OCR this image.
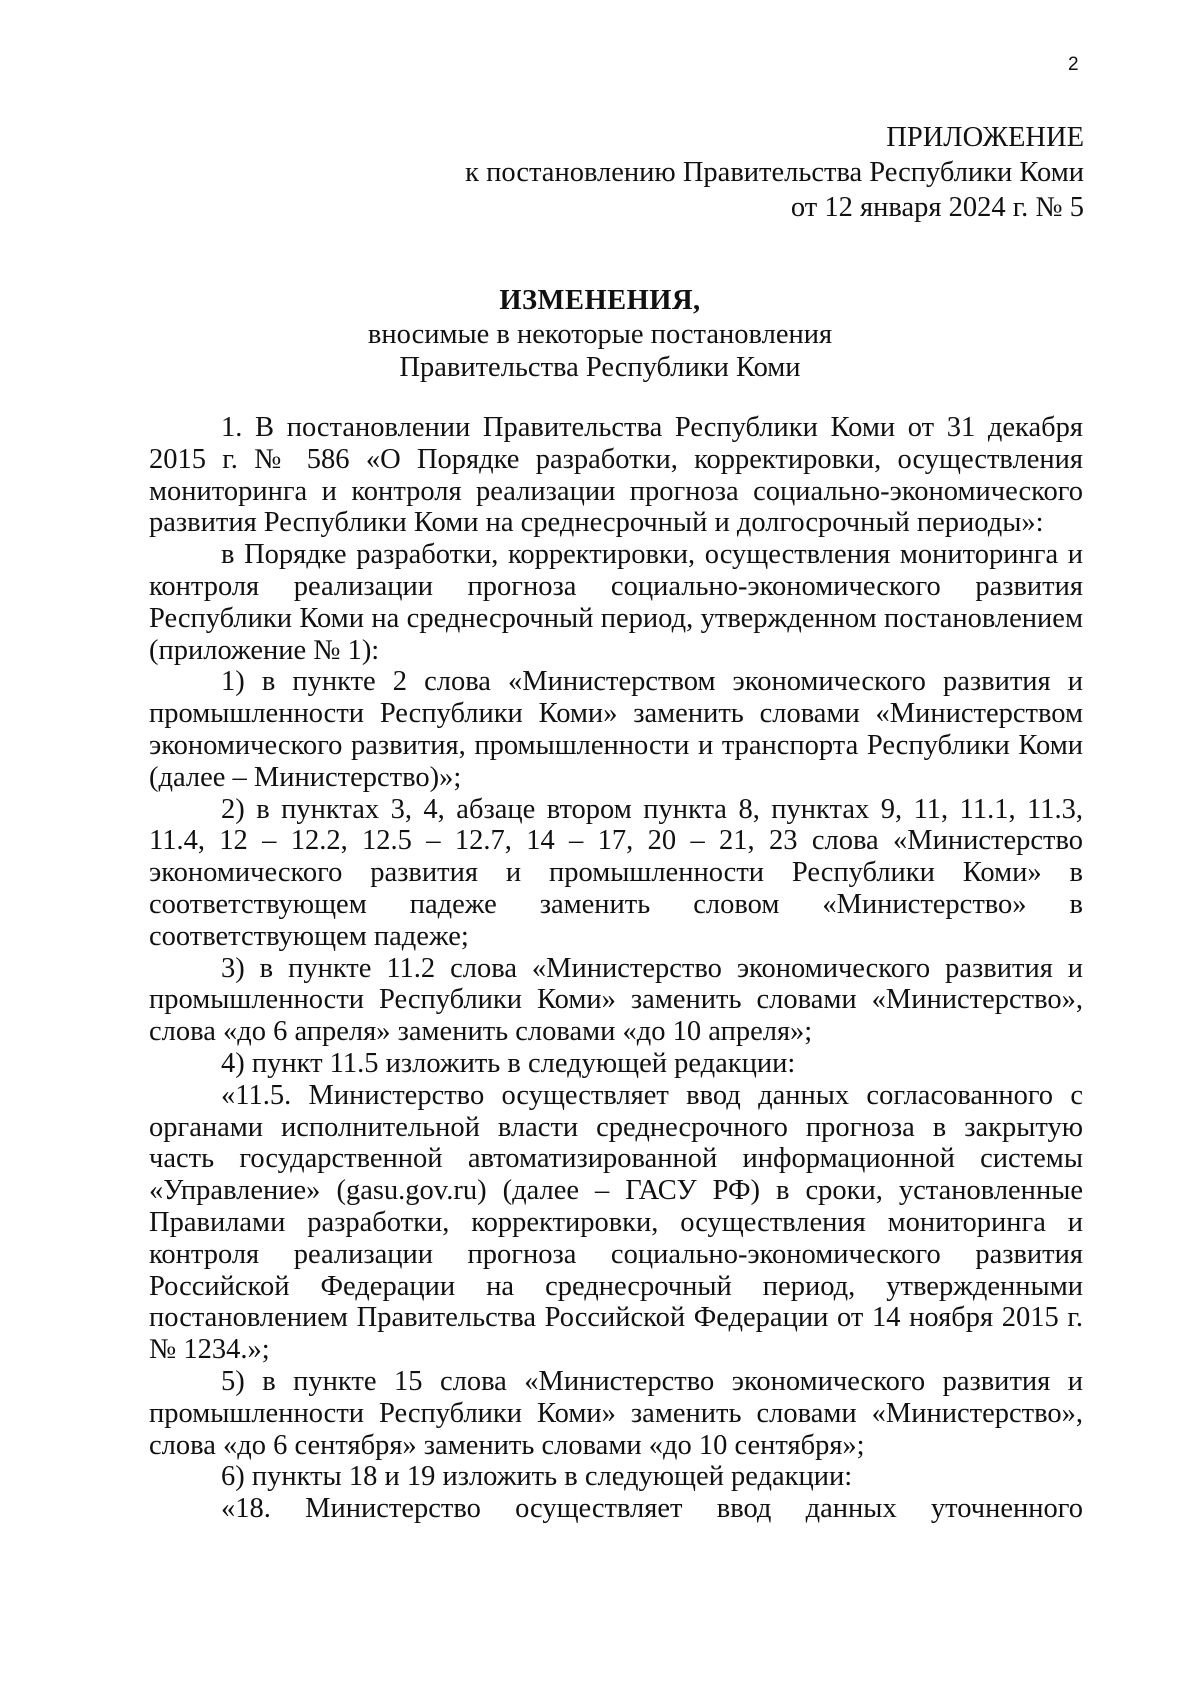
2
ПРИЛОЖЕНИЕ
к постановлению Правительства Республики Коми
от 12 января 2024 г. № 5
ИЗМЕНЕНИЯ,
вносимые в некоторые постановления
Правительства Республики Коми

1. В постановлении Правительства Республики Коми от 31 декабря 2015 г. № 586 «О Порядке разработки, корректировки, осуществления мониторинга и контроля реализации прогноза социально-экономического развития Республики Коми на среднесрочный и долгосрочный периоды»:

в Порядке разработки, корректировки, осуществления мониторинга и контроля реализации прогноза социально-экономического развития Республики Коми на среднесрочный период, утвержденном постановлением (приложение № 1):

1) в пункте 2 слова «Министерством экономического развития и промышленности Республики Коми» заменить словами «Министерством экономического развития, промышленности и транспорта Республики Коми (далее – Министерство)»;

2) в пунктах 3, 4, абзаце втором пункта 8, пунктах 9, 11, 11.1, 11.3, 11.4, 12 – 12.2, 12.5 – 12.7, 14 – 17, 20 – 21, 23 слова «Министерство экономического развития и промышленности Республики Коми» в соответствующем падеже заменить словом «Министерство» в соответствующем падеже;

3) в пункте 11.2 слова «Министерство экономического развития и промышленности Республики Коми» заменить словами «Министерство», слова «до 6 апреля» заменить словами «до 10 апреля»;

4) пункт 11.5 изложить в следующей редакции:

«11.5. Министерство осуществляет ввод данных согласованного с органами исполнительной власти среднесрочного прогноза в закрытую часть государственной автоматизированной информационной системы «Управление» (gasu.gov.ru) (далее – ГАСУ РФ) в сроки, установленные Правилами разработки, корректировки, осуществления мониторинга и контроля реализации прогноза социально-экономического развития Российской Федерации на среднесрочный период, утвержденными постановлением Правительства Российской Федерации от 14 ноября 2015 г. № 1234.»;

5) в пункте 15 слова «Министерство экономического развития и промышленности Республики Коми» заменить словами «Министерство», слова «до 6 сентября» заменить словами «до 10 сентября»;

6) пункты 18 и 19 изложить в следующей редакции:

«18. Министерство осуществляет ввод данных уточненного
